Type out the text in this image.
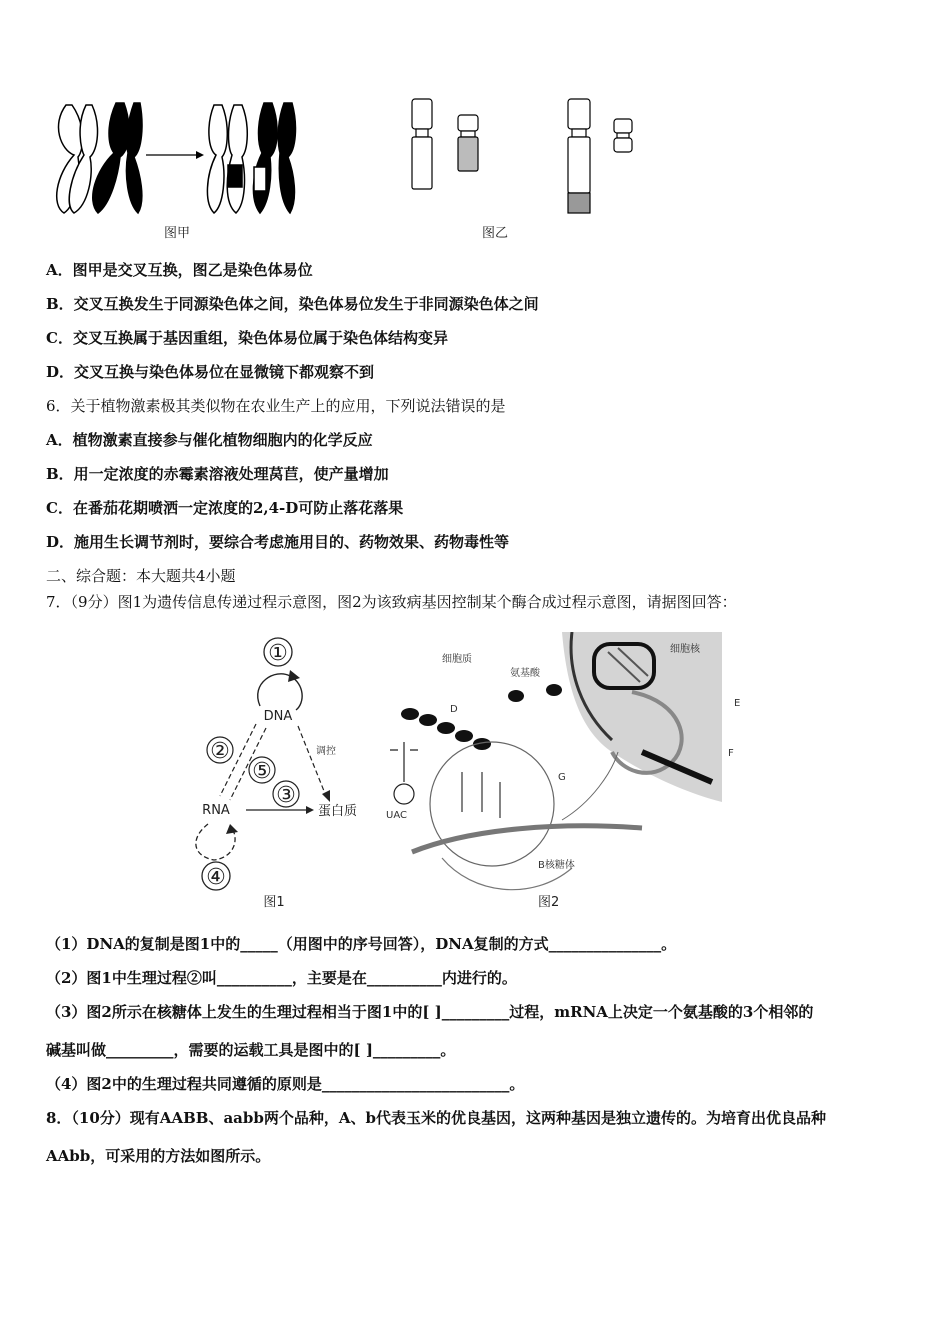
图甲	图乙
A．图甲是交叉互换，图乙是染色体易位
B．交叉互换发生于同源染色体之间，染色体易位发生于非同源染色体之间
C．交叉互换属于基因重组，染色体易位属于染色体结构变异
D．交叉互换与染色体易位在显微镜下都观察不到
6．关于植物激素极其类似物在农业生产上的应用，下列说法错误的是
A．植物激素直接参与催化植物细胞内的化学反应
B．用一定浓度的赤霉素溶液处理莴苣，使产量增加
C．在番茄花期喷洒一定浓度的2,4-D可防止落花落果
D．施用生长调节剂时，要综合考虑施用目的、药物效果、药物毒性等
二、综合题：本大题共4小题
7．（9分）图1为遗传信息传递过程示意图，图2为该致病基因控制某个酶合成过程示意图，请据图回答：
①
DNA
调控
②
⑤
③
RNA	蛋白质
④
图1
细胞质
氨基酸
细胞核
E
F
D
G
UAC
B核糖体
图2
（1）DNA的复制是图1中的_____（用图中的序号回答），DNA复制的方式_______________。
（2）图1中生理过程②叫__________，主要是在__________内进行的。
（3）图2所示在核糖体上发生的生理过程相当于图1中的[ ]_________过程，mRNA上决定一个氨基酸的3个相邻的
碱基叫做_________，需要的运载工具是图中的[ ]_________。
（4）图2中的生理过程共同遵循的原则是_________________________。
8．（10分）现有AABB、aabb两个品种，A、b代表玉米的优良基因，这两种基因是独立遗传的。为培育出优良品种
AAbb，可采用的方法如图所示。
